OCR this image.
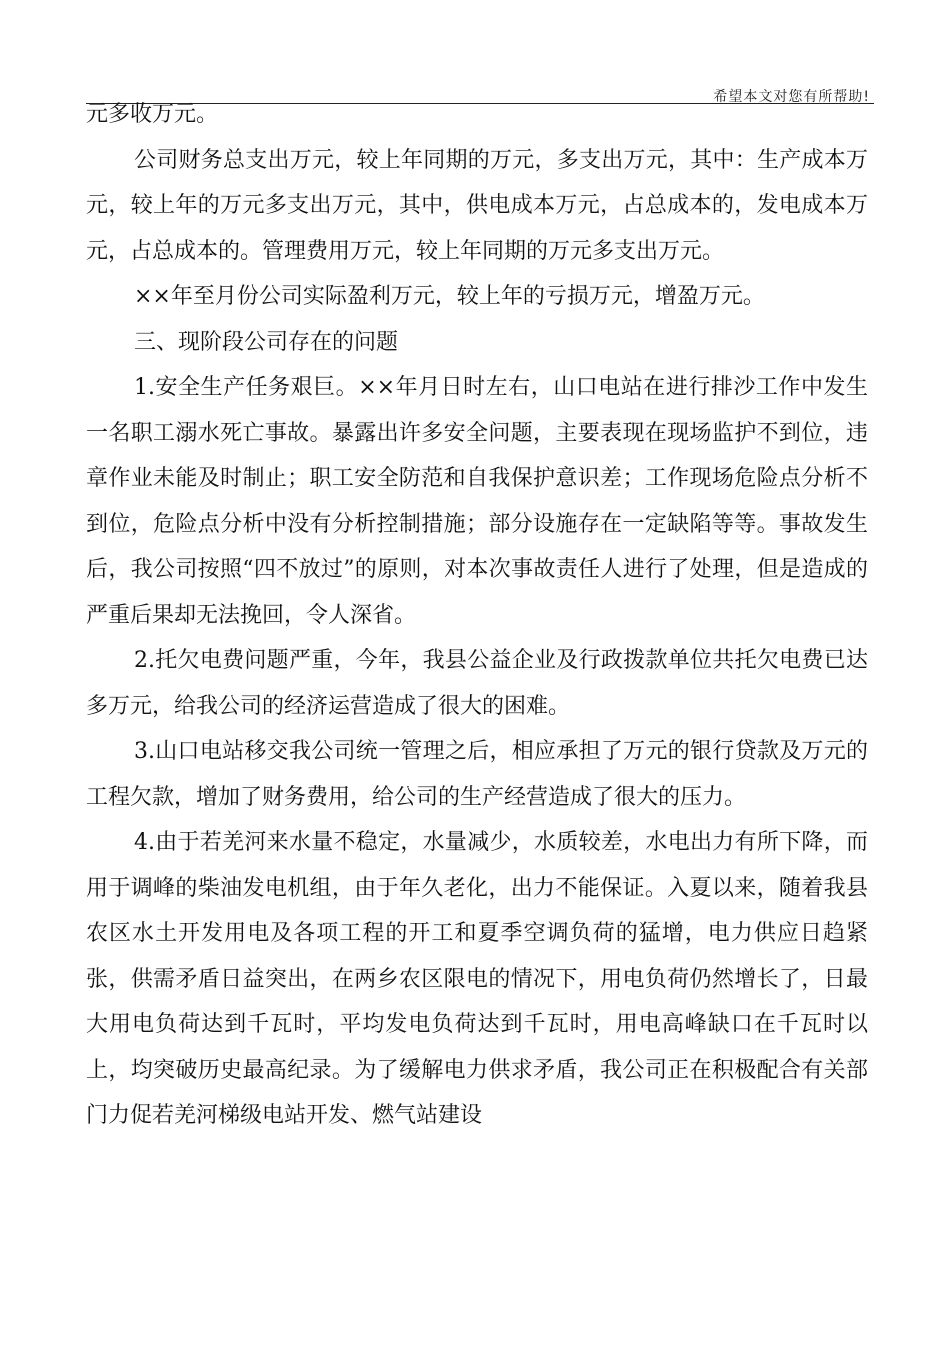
希望本文对您有所帮助!

元多收万元。

公司财务总支出万元，较上年同期的万元，多支出万元，其中：生产成本万元，较上年的万元多支出万元，其中，供电成本万元，占总成本的，发电成本万元，占总成本的。管理费用万元，较上年同期的万元多支出万元。

××年至月份公司实际盈利万元，较上年的亏损万元，增盈万元。

三、现阶段公司存在的问题

1.安全生产任务艰巨。××年月日时左右，山口电站在进行排沙工作中发生一名职工溺水死亡事故。暴露出许多安全问题，主要表现在现场监护不到位，违章作业未能及时制止；职工安全防范和自我保护意识差；工作现场危险点分析不到位，危险点分析中没有分析控制措施；部分设施存在一定缺陷等等。事故发生后，我公司按照“四不放过”的原则，对本次事故责任人进行了处理，但是造成的严重后果却无法挽回，令人深省。

2.托欠电费问题严重，今年，我县公益企业及行政拨款单位共托欠电费已达多万元，给我公司的经济运营造成了很大的困难。

3.山口电站移交我公司统一管理之后，相应承担了万元的银行贷款及万元的工程欠款，增加了财务费用，给公司的生产经营造成了很大的压力。

4.由于若羌河来水量不稳定，水量减少，水质较差，水电出力有所下降，而用于调峰的柴油发电机组，由于年久老化，出力不能保证。入夏以来，随着我县农区水土开发用电及各项工程的开工和夏季空调负荷的猛增，电力供应日趋紧张，供需矛盾日益突出，在两乡农区限电的情况下，用电负荷仍然增长了，日最大用电负荷达到千瓦时，平均发电负荷达到千瓦时，用电高峰缺口在千瓦时以上，均突破历史最高纪录。为了缓解电力供求矛盾，我公司正在积极配合有关部门力促若羌河梯级电站开发、燃气站建设
